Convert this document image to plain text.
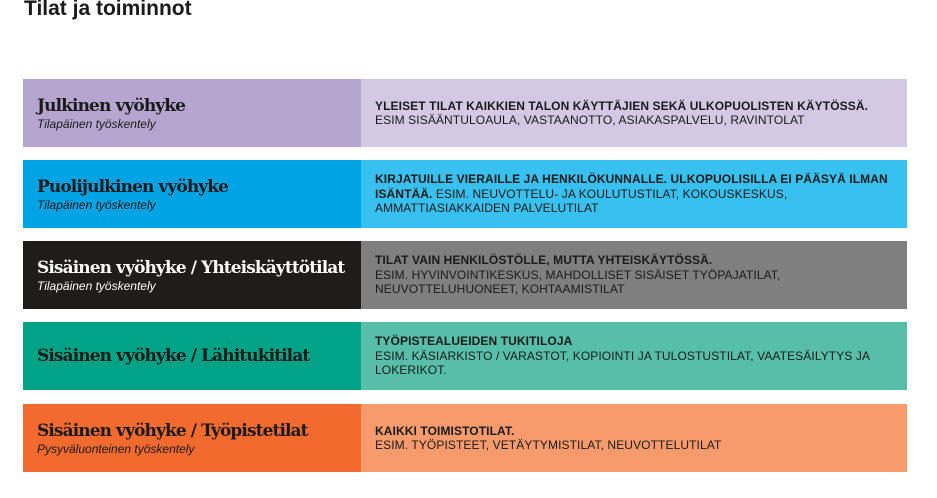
Tilat ja toiminnot
Julkinen vyöhyke
Tilapäinen työskentely

YLEISET TILAT KAIKKIEN TALON KÄYTTÄJIEN SEKÄ ULKOPUOLISTEN KÄYTÖSSÄ.
ESIM SISÄÄNTULOAULA, VASTAANOTTO, ASIAKASPALVELU, RAVINTOLAT

Puolijulkinen vyöhyke
Tilapäinen työskentely

KIRJATUILLE VIERAILLE JA HENKILÖKUNNALLE. ULKOPUOLISILLA EI PÄÄSYÄ ILMAN ISÄNTÄÄ. ESIM. NEUVOTTELU- JA KOULUTUSTILAT, KOKOUSKESKUS, AMMATTIASIAKKAIDEN PALVELUTILAT

Sisäinen vyöhyke / Yhteiskäyttötilat
Tilapäinen työskentely

TILAT VAIN HENKILÖSTÖLLE, MUTTA YHTEISKÄYTÖSSÄ.
ESIM. HYVINVOINTIKESKUS, MAHDOLLISET SISÄISET TYÖPAJATILAT, NEUVOTTELUHUONEET, KOHTAAMISTILAT

Sisäinen vyöhyke / Lähitukitilat

TYÖPISTEALUEIDEN TUKITILOJA
ESIM. KÄSIARKISTO / VARASTOT, KOPIOINTI JA TULOSTUSTILAT, VAATESÄILYTYS JA LOKERIKOT.

Sisäinen vyöhyke / Työpistetilat
Pysyväluonteinen työskentely

KAIKKI TOIMISTOTILAT.
ESIM. TYÖPISTEET, VETÄYTYMISTILAT, NEUVOTTELUTILAT
